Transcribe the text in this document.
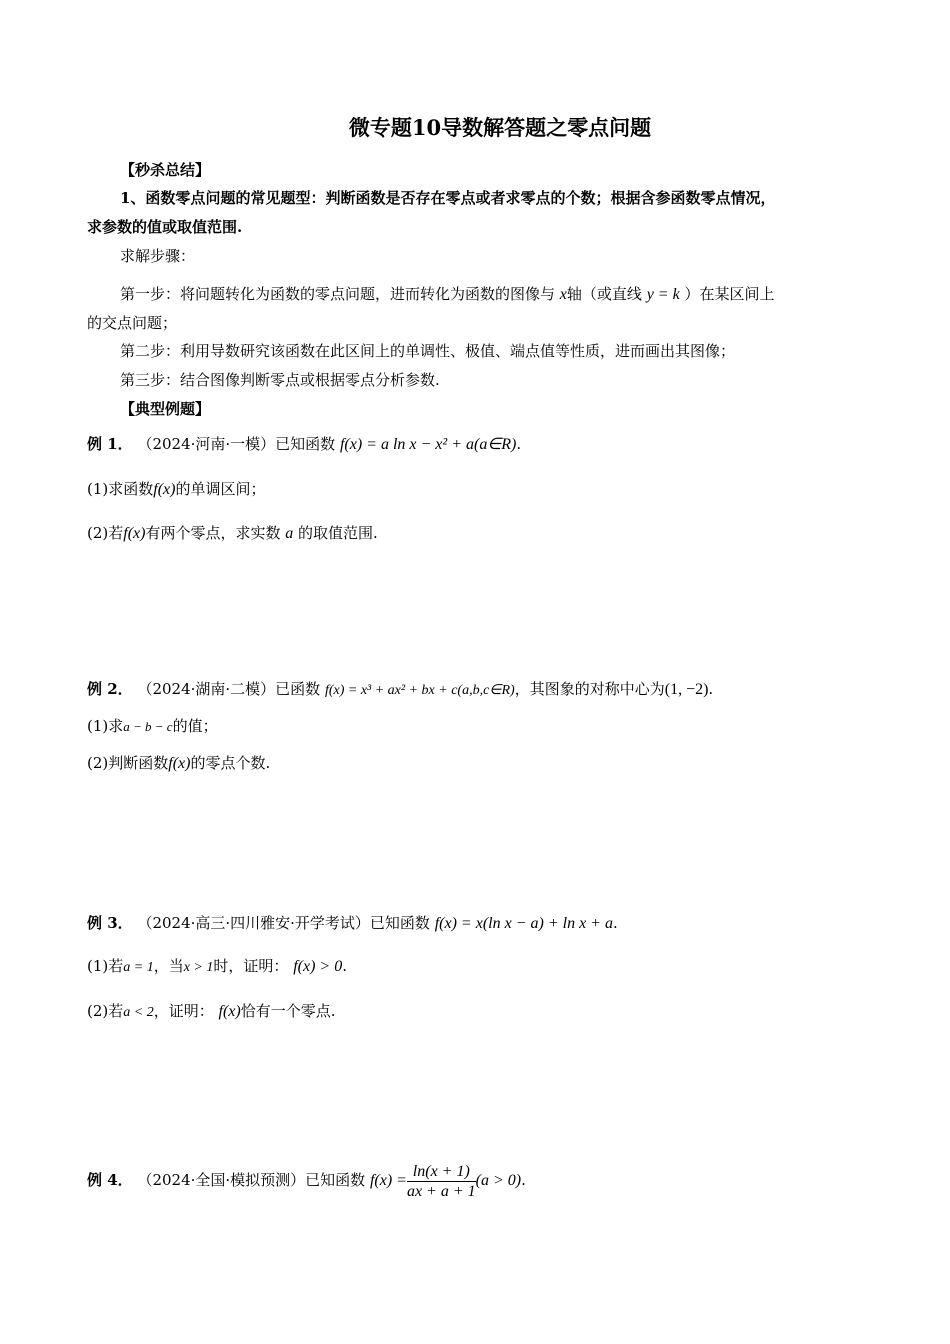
微专题10导数解答题之零点问题
【秒杀总结】
1、函数零点问题的常见题型：判断函数是否存在零点或者求零点的个数；根据含参函数零点情况，
求参数的值或取值范围.
求解步骤：
第一步：将问题转化为函数的零点问题，进而转化为函数的图像与 x轴（或直线 y = k ）在某区间上
的交点问题；
第二步：利用导数研究该函数在此区间上的单调性、极值、端点值等性质，进而画出其图像；
第三步：结合图像判断零点或根据零点分析参数.
【典型例题】
例 1． （2024·河南·一模）已知函数 f(x) = a ln x − x² + a(a∈R).
(1)求函数f(x)的单调区间；
(2)若f(x)有两个零点，求实数 a 的取值范围.
例 2． （2024·湖南·二模）已函数 f(x) = x³ + ax² + bx + c(a,b,c∈R)，其图象的对称中心为(1, −2).
(1)求a − b − c的值；
(2)判断函数f(x)的零点个数.
例 3． （2024·高三·四川雅安·开学考试）已知函数 f(x) = x(ln x − a) + ln x + a.
(1)若a = 1，当x > 1时，证明： f(x) > 0.
(2)若a < 2，证明： f(x)恰有一个零点.
例 4． （2024·全国·模拟预测）已知函数 $f(x) = \frac{\ln(x + 1)}{ax + a + 1} (a > 0)$.
